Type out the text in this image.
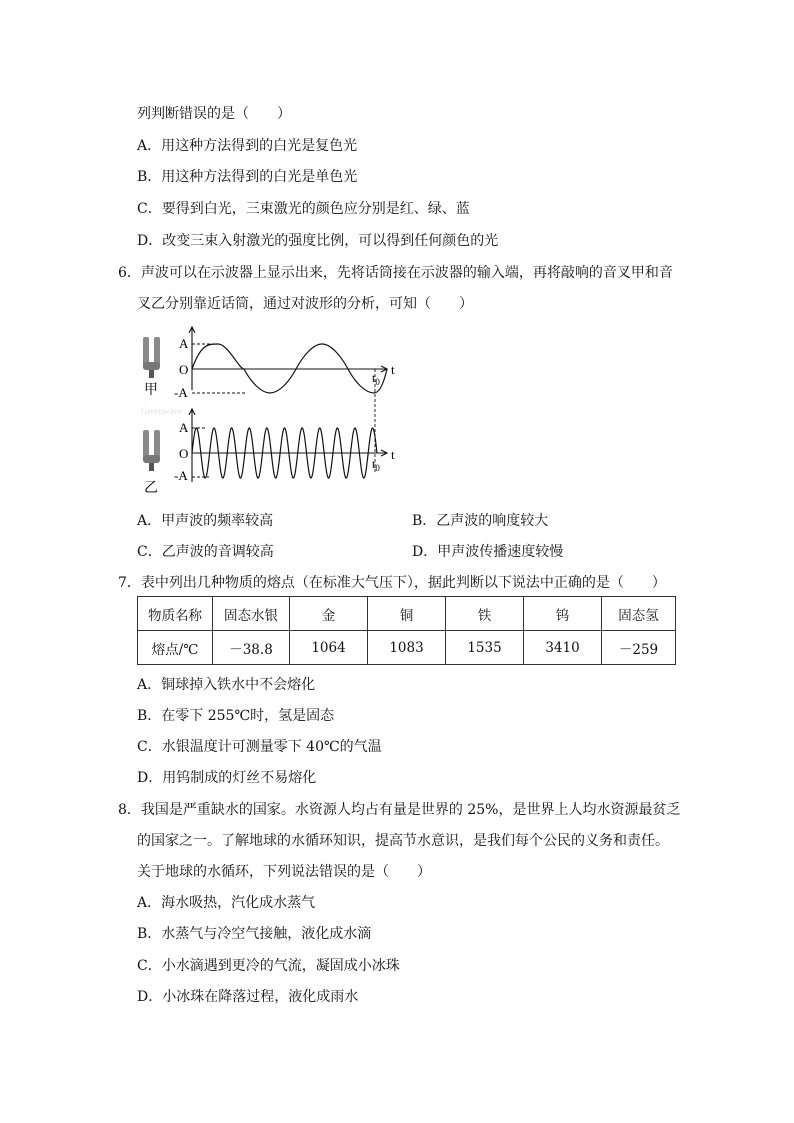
列判断错误的是（　　）
A．用这种方法得到的白光是复色光
B．用这种方法得到的白光是单色光
C．要得到白光，三束激光的颜色应分别是红、绿、蓝
D．改变三束入射激光的强度比例，可以得到任何颜色的光
6．声波可以在示波器上显示出来，先将话筒接在示波器的输入端，再将敲响的音叉甲和音
叉乙分别靠近话筒，通过对波形的分析，可知（　　）
甲
A
O
-A
t
$t_0$
Greenwave
乙
A
O
-A
t
$t_0$
A．甲声波的频率较高	B．乙声波的响度较大
C．乙声波的音调较高	D．甲声波传播速度较慢
7．表中列出几种物质的熔点（在标准大气压下），据此判断以下说法中正确的是（　　）
物质名称	固态水银	金	铜	铁	钨	固态氢
熔点/℃	－38.8	1064	1083	1535	3410	－259
A．铜球掉入铁水中不会熔化
B．在零下 255℃时，氢是固态
C．水银温度计可测量零下 40℃的气温
D．用钨制成的灯丝不易熔化
8．我国是严重缺水的国家。水资源人均占有量是世界的 25%，是世界上人均水资源最贫乏
的国家之一。了解地球的水循环知识，提高节水意识，是我们每个公民的义务和责任。
关于地球的水循环，下列说法错误的是（　　）
A．海水吸热，汽化成水蒸气
B．水蒸气与冷空气接触，液化成水滴
C．小水滴遇到更冷的气流，凝固成小冰珠
D．小冰珠在降落过程，液化成雨水
